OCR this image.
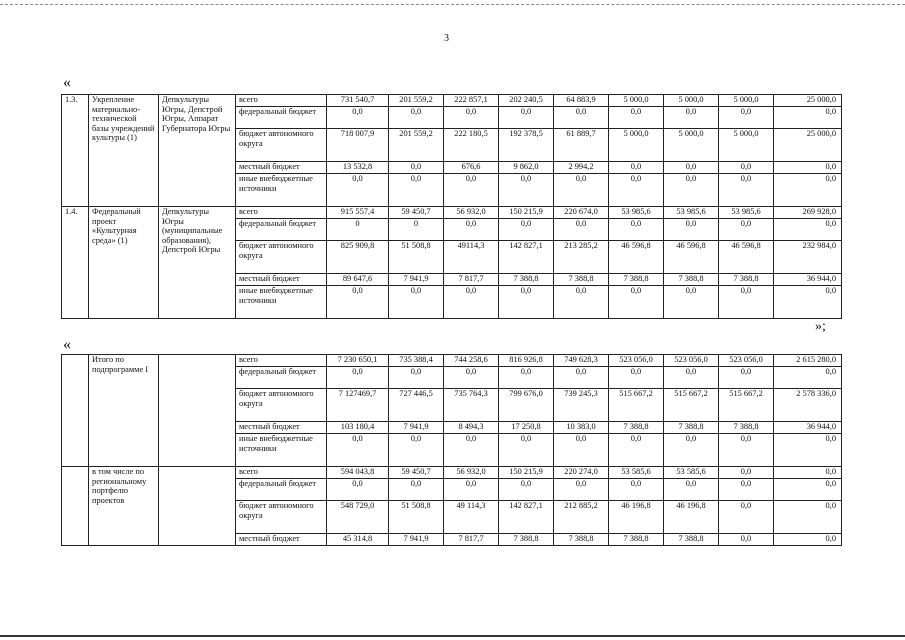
3
«
1.3.	Укрепление материально-технической базы учреждений культуры (1)	Депкультуры Югры, Депстрой Югры, Аппарат Губернатора Югры	всего	731 540,7	201 559,2	222 857,1	202 240,5	64 883,9	5 000,0	5 000,0	5 000,0	25 000,0
			федеральный бюджет	0,0	0,0	0,0	0,0	0,0	0,0	0,0	0,0	0,0
			бюджет автономного округа	718 007,9	201 559,2	222 180,5	192 378,5	61 889,7	5 000,0	5 000,0	5 000,0	25 000,0
			местный бюджет	13 532,8	0,0	676,6	9 862,0	2 994,2	0,0	0,0	0,0	0,0
			иные внебюджетные источники	0,0	0,0	0,0	0,0	0,0	0,0	0,0	0,0	0,0
1.4.	Федеральный проект «Культурная среда» (1)	Депкультуры Югры (муниципальные образования), Депстрой Югры	всего	915 557,4	59 450,7	56 932,0	150 215,9	220 674,0	53 985,6	53 985,6	53 985,6	269 928,0
			федеральный бюджет	0	0	0,0	0,0	0,0	0,0	0,0	0,0	0,0
			бюджет автономного округа	825 909,8	51 508,8	49114,3	142 827,1	213 285,2	46 596,8	46 596,8	46 596,8	232 984,0
			местный бюджет	89 647,6	7 941,9	7 817,7	7 388,8	7 388,8	7 388,8	7 388,8	7 388,8	36 944,0
			иные внебюджетные источники	0,0	0,0	0,0	0,0	0,0	0,0	0,0	0,0	0,0
»;
«
	Итого по подпрограмме I		всего	7 230 650,1	735 388,4	744 258,6	816 926,8	749 628,3	523 056,0	523 056,0	523 056,0	2 615 280,0
			федеральный бюджет	0,0	0,0	0,0	0,0	0,0	0,0	0,0	0,0	0,0
			бюджет автономного округа	7 127469,7	727 446,5	735 764,3	799 676,0	739 245,3	515 667,2	515 667,2	515 667,2	2 578 336,0
			местный бюджет	103 180,4	7 941,9	8 494,3	17 250,8	10 383,0	7 388,8	7 388,8	7 388,8	36 944,0
			иные внебюджетные источники	0,0	0,0	0,0	0,0	0,0	0,0	0,0	0,0	0,0
	в том числе по региональному портфелю проектов		всего	594 043,8	59 450,7	56 932,0	150 215,9	220 274,0	53 585,6	53 585,6	0,0	0,0
			федеральный бюджет	0,0	0,0	0,0	0,0	0,0	0,0	0,0	0,0	0,0
			бюджет автономного округа	548 729,0	51 508,8	49 114,3	142 827,1	212 885,2	46 196,8	46 196,8	0,0	0,0
			местный бюджет	45 314,8	7 941,9	7 817,7	7 388,8	7 388,8	7 388,8	7 388,8	0,0	0,0
